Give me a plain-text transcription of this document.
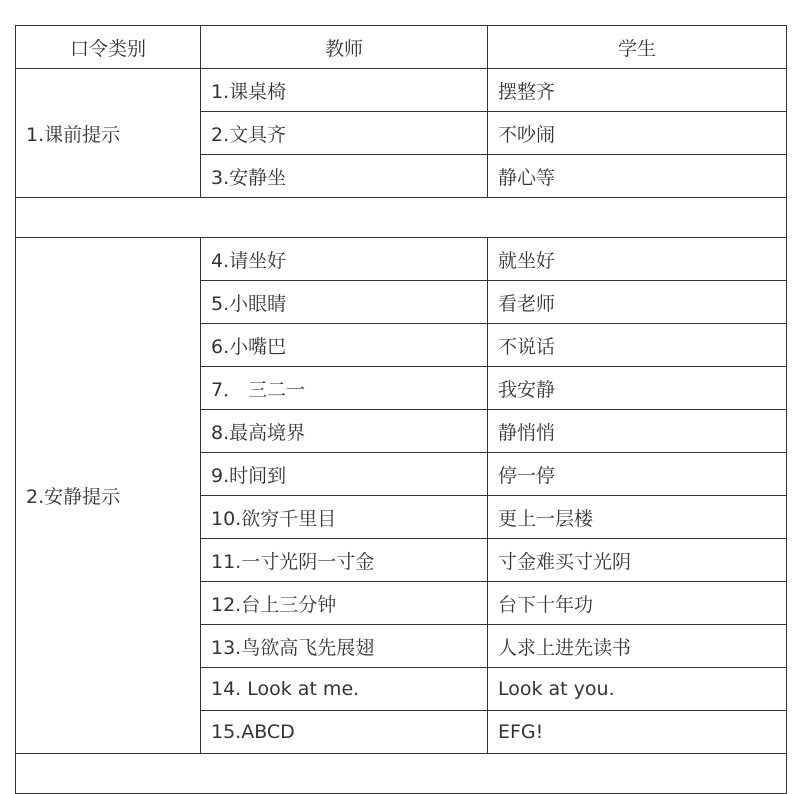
口令类别	教师	学生
1.课前提示	1.课桌椅	摆整齐
	2.文具齐	不吵闹
	3.安静坐	静心等

2.安静提示	4.请坐好	就坐好
	5.小眼睛	看老师
	6.小嘴巴	不说话
	7． 三二一	我安静
	8.最高境界	静悄悄
	9.时间到	停一停
	10.欲穷千里目	更上一层楼
	11.一寸光阴一寸金	寸金难买寸光阴
	12.台上三分钟	台下十年功
	13.鸟欲高飞先展翅	人求上进先读书
	14. Look at me.	Look at you.
	15.ABCD	EFG!
